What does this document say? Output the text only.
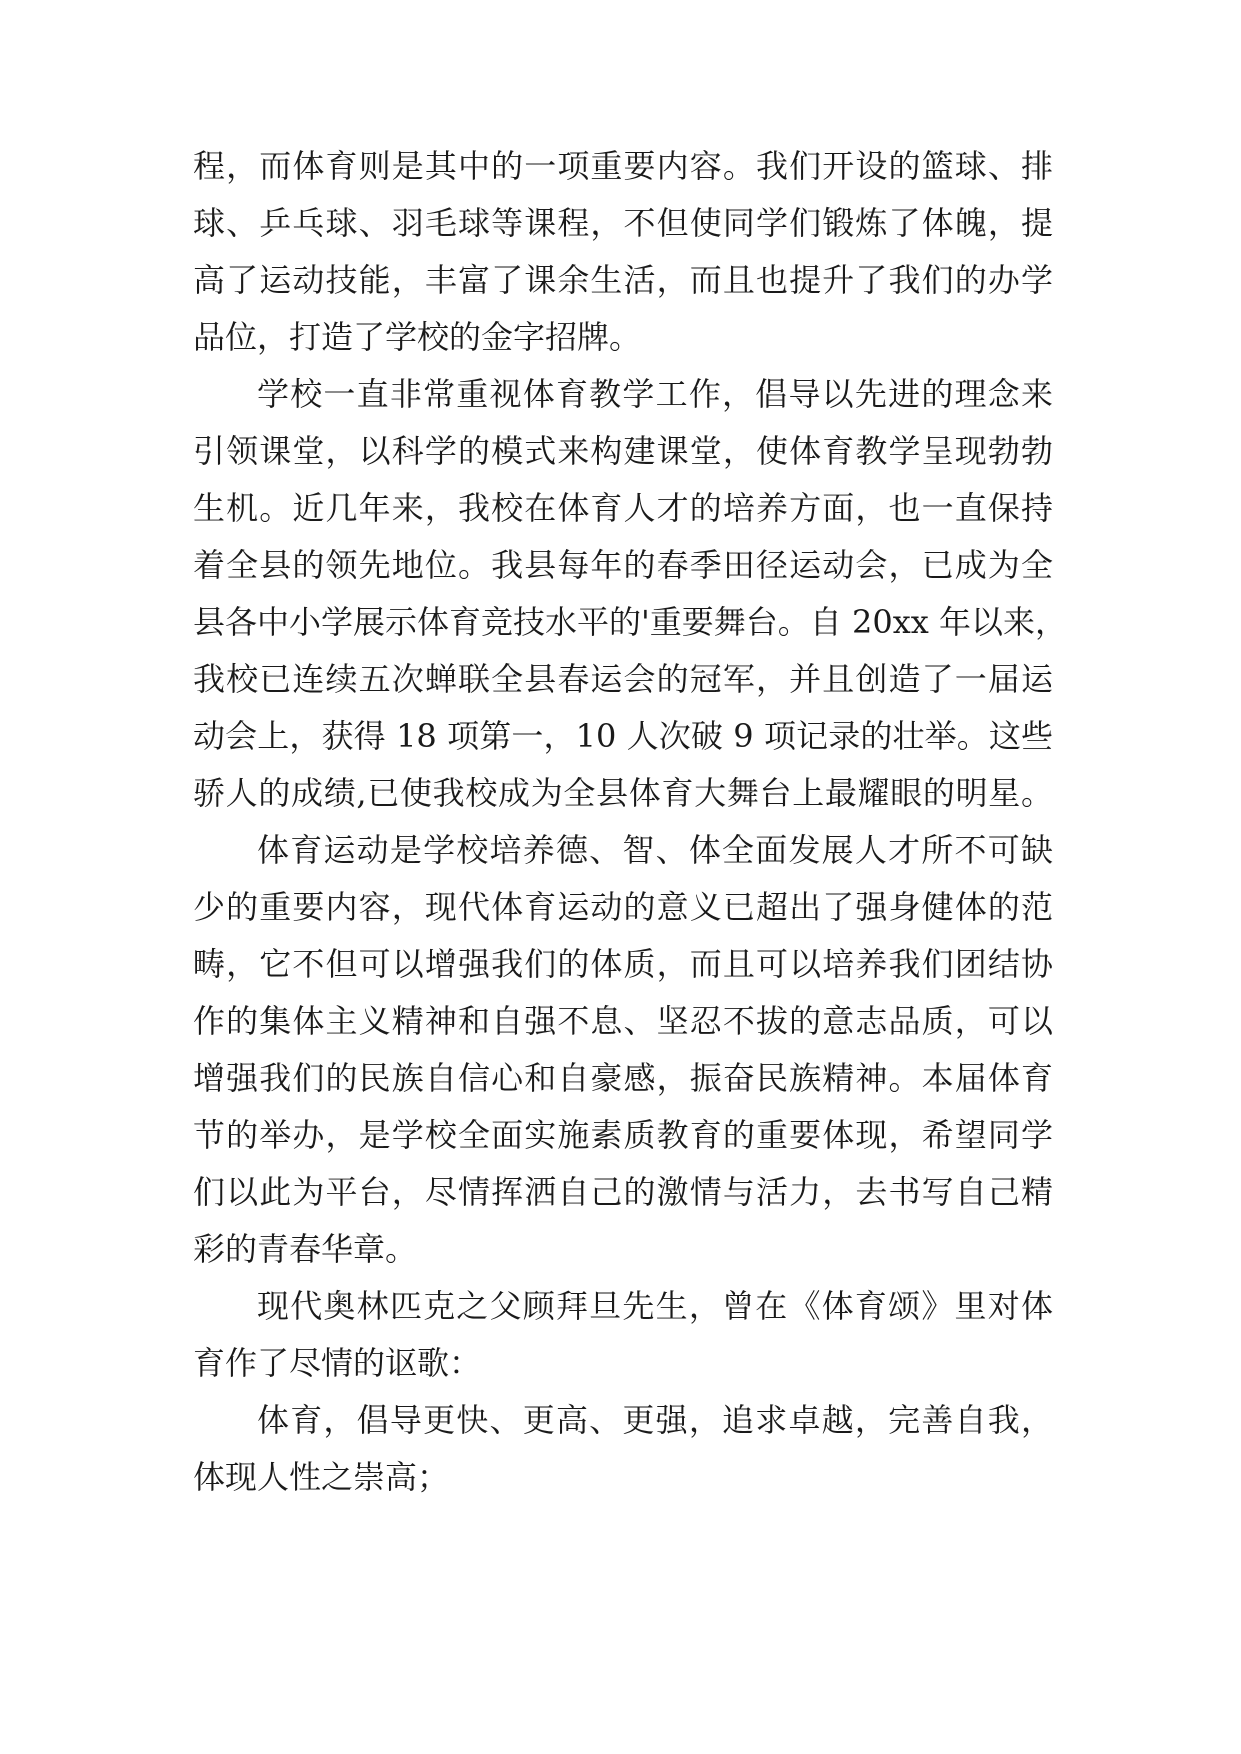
程，而体育则是其中的一项重要内容。我们开设的篮球、排
球、乒乓球、羽毛球等课程，不但使同学们锻炼了体魄，提
高了运动技能，丰富了课余生活，而且也提升了我们的办学
品位，打造了学校的金字招牌。
学校一直非常重视体育教学工作，倡导以先进的理念来
引领课堂，以科学的模式来构建课堂，使体育教学呈现勃勃
生机。近几年来，我校在体育人才的培养方面，也一直保持
着全县的领先地位。我县每年的春季田径运动会，已成为全
县各中小学展示体育竞技水平的'重要舞台。自 20xx 年以来，
我校已连续五次蝉联全县春运会的冠军，并且创造了一届运
动会上，获得 18 项第一，10 人次破 9 项记录的壮举。这些
骄人的成绩,已使我校成为全县体育大舞台上最耀眼的明星。
体育运动是学校培养德、智、体全面发展人才所不可缺
少的重要内容，现代体育运动的意义已超出了强身健体的范
畴，它不但可以增强我们的体质，而且可以培养我们团结协
作的集体主义精神和自强不息、坚忍不拔的意志品质，可以
增强我们的民族自信心和自豪感，振奋民族精神。本届体育
节的举办，是学校全面实施素质教育的重要体现，希望同学
们以此为平台，尽情挥洒自己的激情与活力，去书写自己精
彩的青春华章。
现代奥林匹克之父顾拜旦先生，曾在《体育颂》里对体
育作了尽情的讴歌：
体育，倡导更快、更高、更强，追求卓越，完善自我，
体现人性之崇高；
